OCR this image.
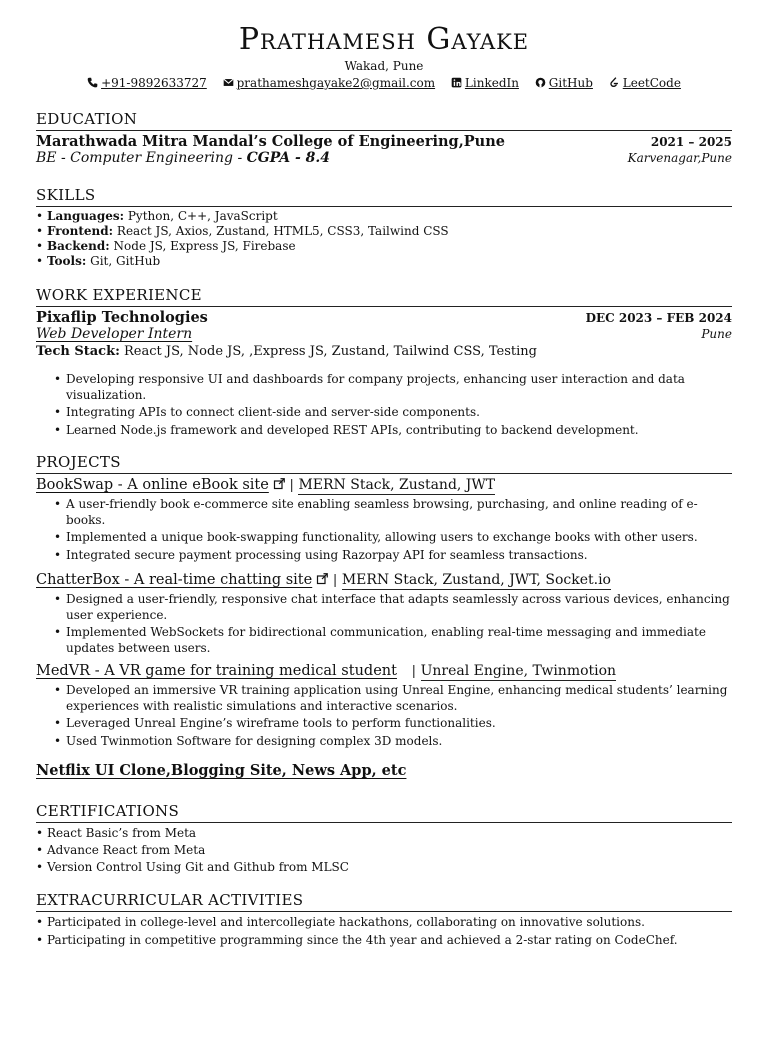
Prathamesh Gayake
Wakad, Pune
+91-9892633727 prathameshgayake2@gmail.com LinkedIn GitHub LeetCode
EDUCATION
Marathwada Mitra Mandal’s College of Engineering,Pune	2021 – 2025
BE - Computer Engineering - CGPA - 8.4	Karvenagar,Pune
SKILLS
• Languages: Python, C++, JavaScript
• Frontend: React JS, Axios, Zustand, HTML5, CSS3, Tailwind CSS
• Backend: Node JS, Express JS, Firebase
• Tools: Git, GitHub
WORK EXPERIENCE
Pixaflip Technologies	DEC 2023 – FEB 2024
Web Developer Intern	Pune
Tech Stack: React JS, Node JS, ,Express JS, Zustand, Tailwind CSS, Testing
• Developing responsive UI and dashboards for company projects, enhancing user interaction and data visualization.
• Integrating APIs to connect client-side and server-side components.
• Learned Node.js framework and developed REST APIs, contributing to backend development.
PROJECTS
BookSwap - A online eBook site | MERN Stack, Zustand, JWT
• A user-friendly book e-commerce site enabling seamless browsing, purchasing, and online reading of e-books.
• Implemented a unique book-swapping functionality, allowing users to exchange books with other users.
• Integrated secure payment processing using Razorpay API for seamless transactions.
ChatterBox - A real-time chatting site | MERN Stack, Zustand, JWT, Socket.io
• Designed a user-friendly, responsive chat interface that adapts seamlessly across various devices, enhancing user experience.
• Implemented WebSockets for bidirectional communication, enabling real-time messaging and immediate updates between users.
MedVR - A VR game for training medical student | Unreal Engine, Twinmotion
• Developed an immersive VR training application using Unreal Engine, enhancing medical students’ learning experiences with realistic simulations and interactive scenarios.
• Leveraged Unreal Engine’s wireframe tools to perform functionalities.
• Used Twinmotion Software for designing complex 3D models.
Netflix UI Clone,Blogging Site, News App, etc
CERTIFICATIONS
• React Basic’s from Meta
• Advance React from Meta
• Version Control Using Git and Github from MLSC
EXTRACURRICULAR ACTIVITIES
• Participated in college-level and intercollegiate hackathons, collaborating on innovative solutions.
• Participating in competitive programming since the 4th year and achieved a 2-star rating on CodeChef.
